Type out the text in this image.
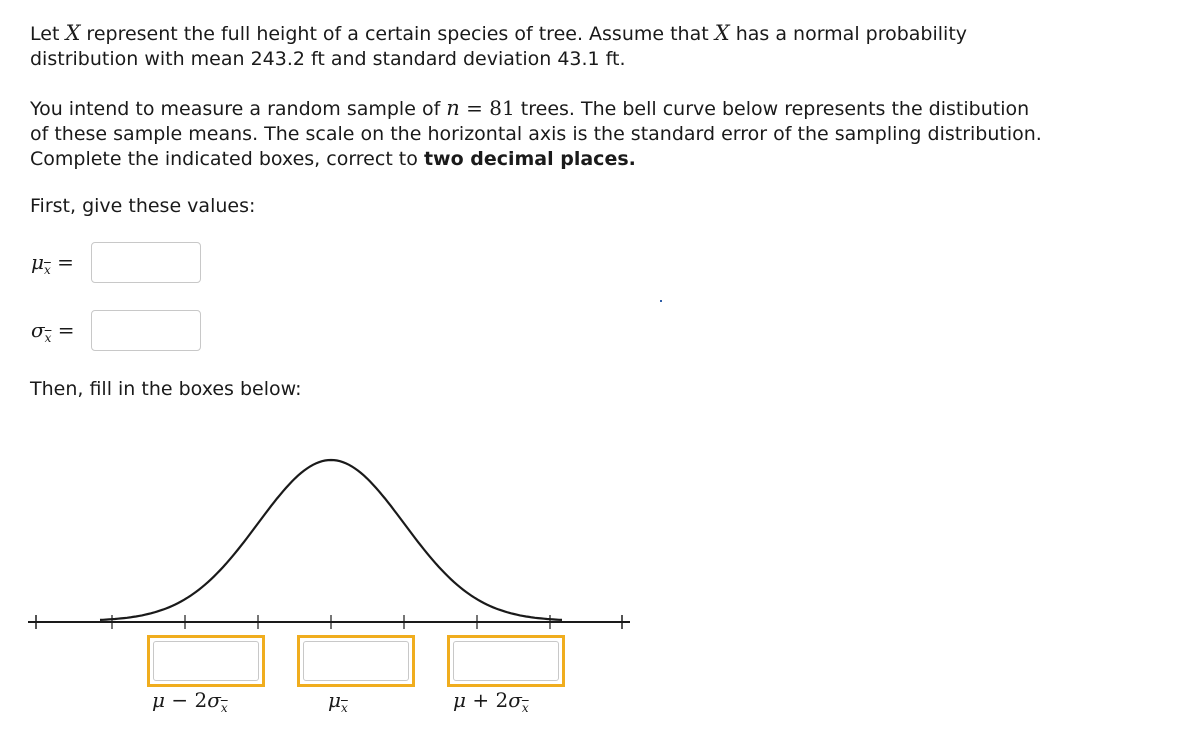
Let X represent the full height of a certain species of tree. Assume that X has a normal probability
distribution with mean 243.2 ft and standard deviation 43.1 ft.

You intend to measure a random sample of n = 81 trees. The bell curve below represents the distibution
of these sample means. The scale on the horizontal axis is the standard error of the sampling distribution.
Complete the indicated boxes, correct to two decimal places.

First, give these values:

$\mu_{\overline{x}}$ =
$\sigma_{\overline{x}}$ =

Then, fill in the boxes below:

$\mu - 2\sigma_{\overline{x}}$	$\mu_{\overline{x}}$	$\mu + 2\sigma_{\overline{x}}$
